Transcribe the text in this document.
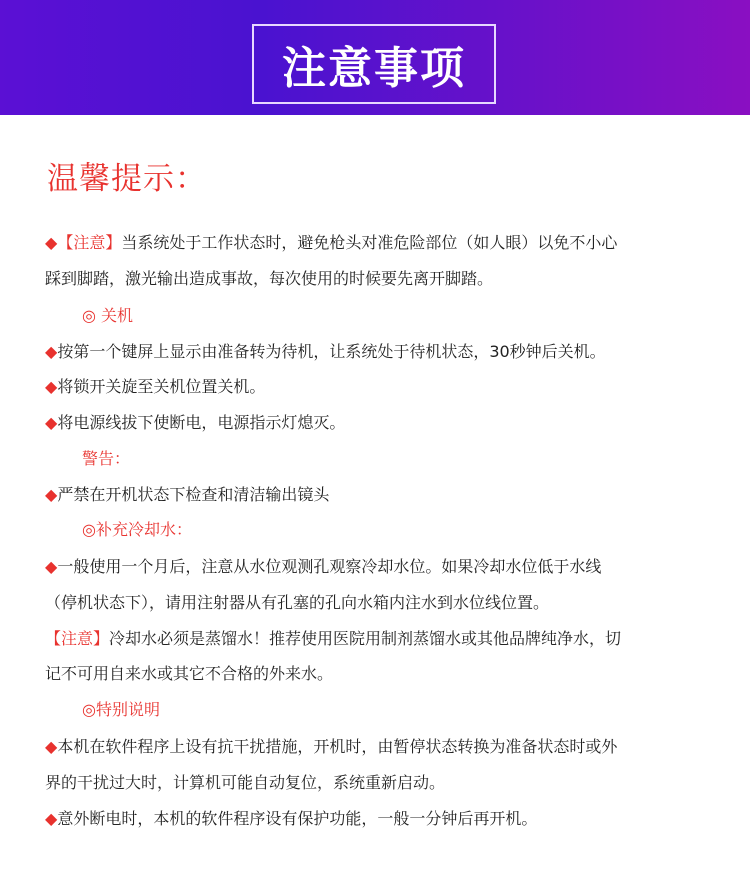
注意事项
温馨提示：
◆【注意】当系统处于工作状态时，避免枪头对准危险部位（如人眼）以免不小心
踩到脚踏，激光输出造成事故，每次使用的时候要先离开脚踏。
◎ 关机
◆按第一个键屏上显示由准备转为待机，让系统处于待机状态，30秒钟后关机。
◆将锁开关旋至关机位置关机。
◆将电源线拔下使断电，电源指示灯熄灭。
警告：
◆严禁在开机状态下检查和清洁输出镜头
◎补充冷却水：
◆一般使用一个月后，注意从水位观测孔观察冷却水位。如果冷却水位低于水线
（停机状态下），请用注射器从有孔塞的孔向水箱内注水到水位线位置。
【注意】冷却水必须是蒸馏水！推荐使用医院用制剂蒸馏水或其他品牌纯净水，切
记不可用自来水或其它不合格的外来水。
◎特别说明
◆本机在软件程序上设有抗干扰措施，开机时，由暂停状态转换为准备状态时或外
界的干扰过大时，计算机可能自动复位，系统重新启动。
◆意外断电时，本机的软件程序设有保护功能，一般一分钟后再开机。
